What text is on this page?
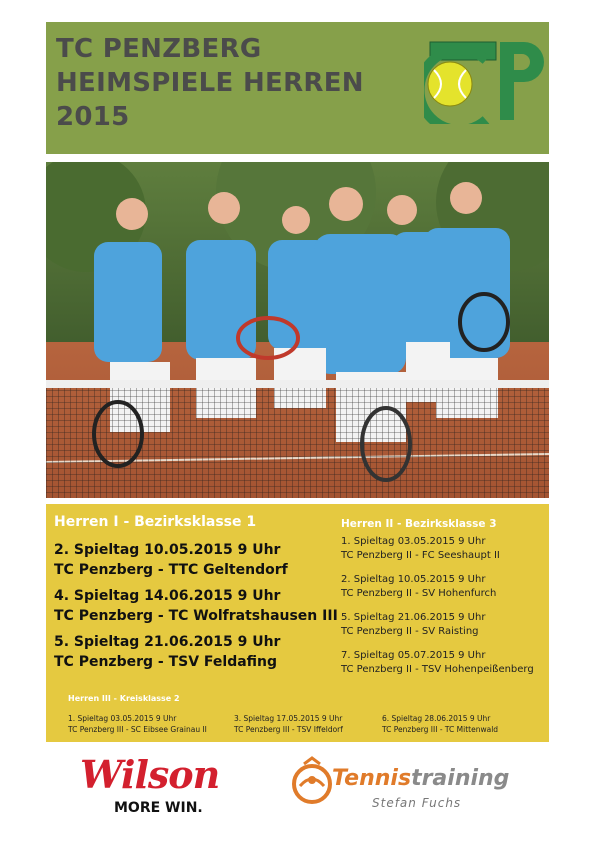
TC PENZBERG
HEIMSPIELE HERREN
2015
Herren I - Bezirksklasse 1
2. Spieltag 10.05.2015 9 Uhr
TC Penzberg - TTC Geltendorf
4. Spieltag 14.06.2015 9 Uhr
TC Penzberg - TC Wolfratshausen III
5. Spieltag 21.06.2015 9 Uhr
TC Penzberg - TSV Feldafing
Herren II - Bezirksklasse 3
1. Spieltag 03.05.2015 9 Uhr
TC Penzberg II - FC Seeshaupt II
2. Spieltag 10.05.2015 9 Uhr
TC Penzberg II - SV Hohenfurch
5. Spieltag 21.06.2015 9 Uhr
TC Penzberg II - SV Raisting
7. Spieltag 05.07.2015 9 Uhr
TC Penzberg II - TSV Hohenpeißenberg
Herren III - Kreisklasse 2
1. Spieltag 03.05.2015 9 Uhr
TC Penzberg III - SC Eibsee Grainau II
3. Spieltag 17.05.2015 9 Uhr
TC Penzberg III - TSV Iffeldorf
6. Spieltag 28.06.2015 9 Uhr
TC Penzberg III - TC Mittenwald
Wilson
MORE WIN.
Tennistraining
Stefan Fuchs
